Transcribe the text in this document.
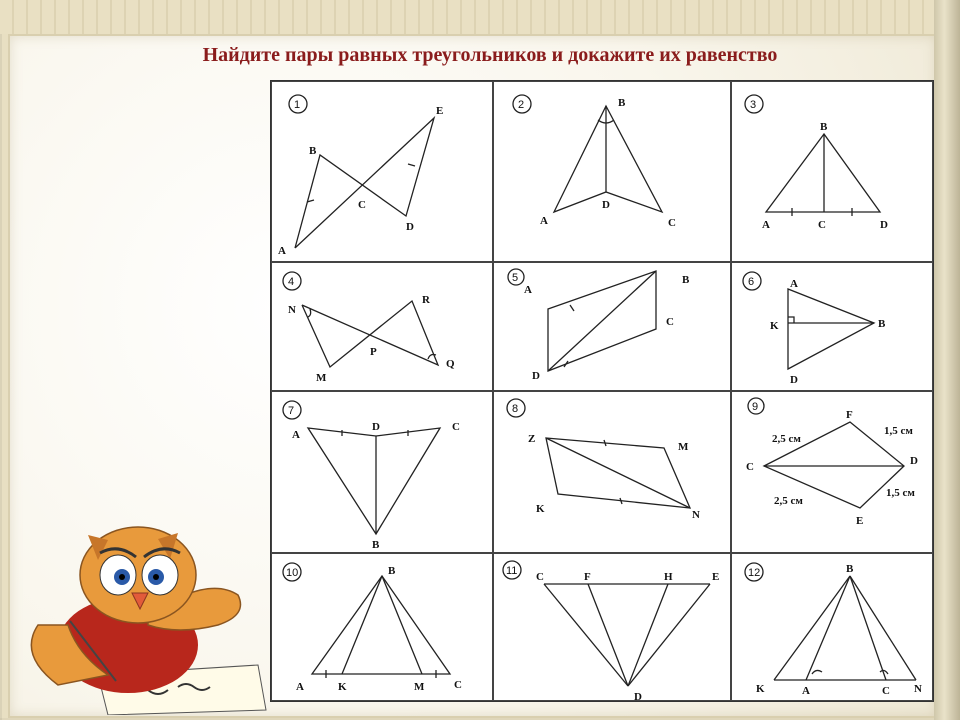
Найдите пары равных треугольников и докажите их равенство
1
B
E
C
D
A
2	B
A
D
C
3
B
A	C	D
4
N
R
P
M
Q
5
A
B
C
D
6	A
K	B
D
7
A
D	C
B
8
Z
M
K	N
9
F
C	D
E
2,5 см
1,5 см
2,5 см
1,5 см
10	B
A	K	M	C
11 C	F	H	E
D
12	B
K	A	C N
